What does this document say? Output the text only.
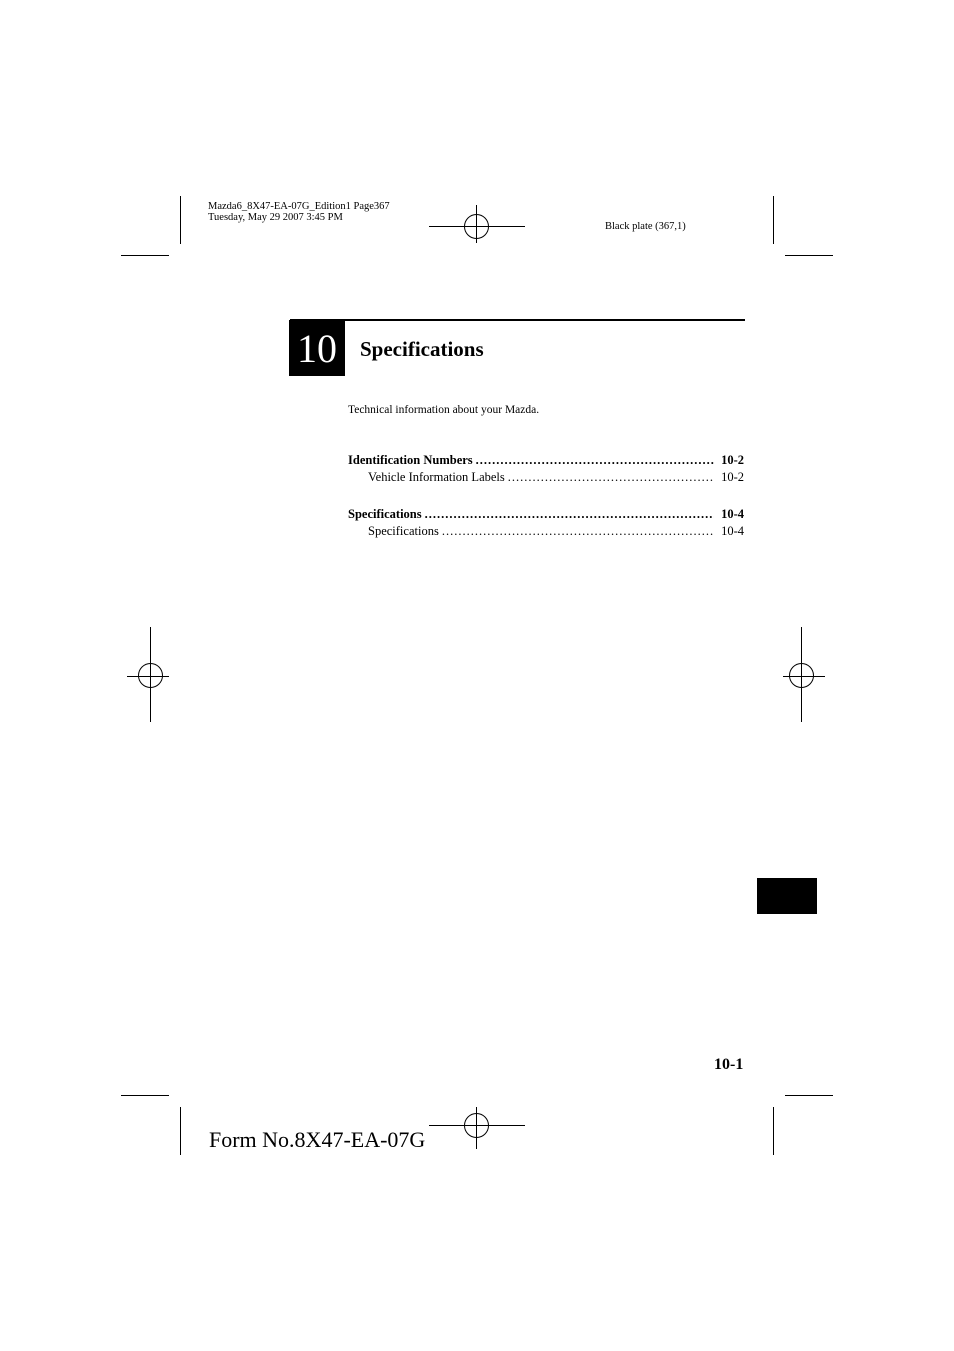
Mazda6_8X47-EA-07G_Edition1 Page367
Tuesday, May 29 2007 3:45 PM
Black plate (367,1)
10 Specifications
Technical information about your Mazda.
Identification Numbers .....	10-2
Vehicle Information Labels .....	10-2
Specifications .....	10-4
Specifications .....	10-4
10-1
Form No.8X47-EA-07G
